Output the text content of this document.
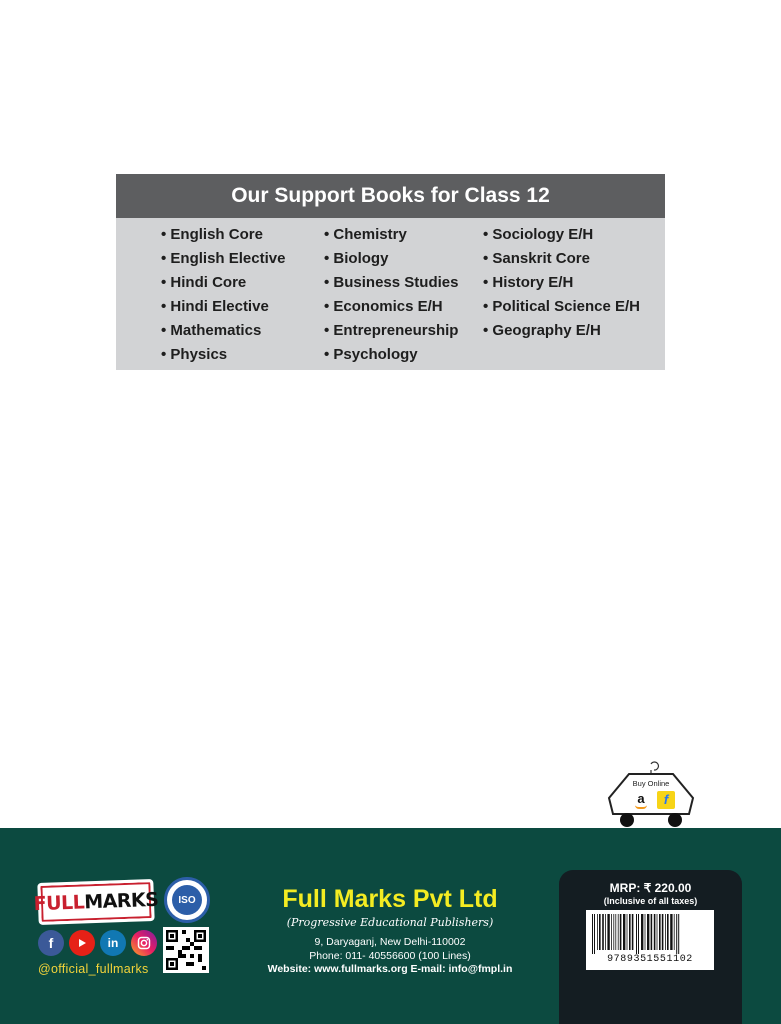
Our Support Books for Class 12
• English Core
• English Elective
• Hindi Core
• Hindi Elective
• Mathematics
• Physics
• Chemistry
• Biology
• Business Studies
• Economics E/H
• Entrepreneurship
• Psychology
• Sociology E/H
• Sanskrit Core
• History E/H
• Political Science E/H
• Geography E/H
Buy Online
a	f
FULLMARKS	ISO
f	in
@official_fullmarks
Full Marks Pvt Ltd
(Progressive Educational Publishers)
9, Daryaganj, New Delhi-110002
Phone: 011- 40556600 (100 Lines)
Website: www.fullmarks.org E-mail: info@fmpl.in
MRP: ₹ 220.00
(Inclusive of all taxes)
9789351551102
